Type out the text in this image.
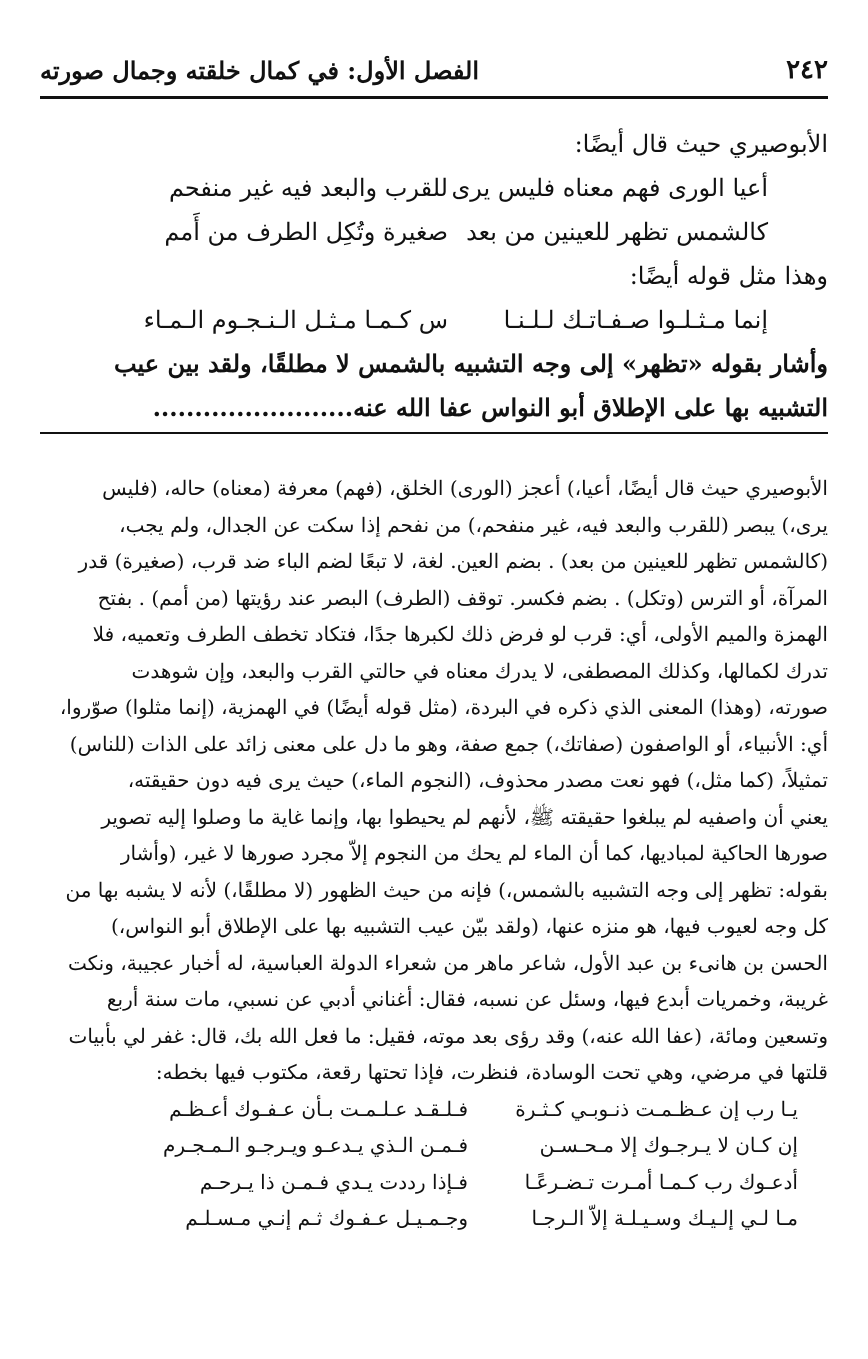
٢٤٢
الفصل الأول: في كمال خلقته وجمال صورته
الأبوصيري حيث قال أيضًا:
أعيا الورى فهم معناه فليس يرى
للقرب والبعد فيه غير منفحم
كالشمس تظهر للعينين من بعد
صغيرة وتُكِل الطرف من أَمم
وهذا مثل قوله أيضًا:
إنما مـثـلـوا صـفـاتـك لـلـنـا
س كـمـا مـثـل الـنـجـوم الـمـاء
وأشار بقوله «تظهر» إلى وجه التشبيه بالشمس لا مطلقًا، ولقد بين عيب
التشبيه بها على الإطلاق أبو النواس عفا الله عنه........................
الأبوصيري حيث قال أيضًا، أعيا،) أعجز (الورى) الخلق، (فهم) معرفة (معناه) حاله، (فليس
يرى،) يبصر (للقرب والبعد فيه، غير منفحم،) من نفحم إذا سكت عن الجدال، ولم يجب،
(كالشمس تظهر للعينين من بعد) . بضم العين. لغة، لا تبعًا لضم الباء ضد قرب، (صغيرة) قدر
المرآة، أو الترس (وتكل) . بضم فكسر. توقف (الطرف) البصر عند رؤيتها (من أمم) . بفتح
الهمزة والميم الأولى، أي: قرب لو فرض ذلك لكبرها جدًا، فتكاد تخطف الطرف وتعميه، فلا
تدرك لكمالها، وكذلك المصطفى، لا يدرك معناه في حالتي القرب والبعد، وإن شوهدت
صورته، (وهذا) المعنى الذي ذكره في البردة، (مثل قوله أيضًا) في الهمزية، (إنما مثلوا) صوّروا،
أي: الأنبياء، أو الواصفون (صفاتك،) جمع صفة، وهو ما دل على معنى زائد على الذات (للناس)
تمثيلاً، (كما مثل،) فهو نعت مصدر محذوف، (النجوم الماء،) حيث يرى فيه دون حقيقته،
يعني أن واصفيه لم يبلغوا حقيقته ﷺ، لأنهم لم يحيطوا بها، وإنما غاية ما وصلوا إليه تصوير
صورها الحاكية لمباديها، كما أن الماء لم يحك من النجوم إلاّ مجرد صورها لا غير، (وأشار
بقوله: تظهر إلى وجه التشبيه بالشمس،) فإنه من حيث الظهور (لا مطلقًا،) لأنه لا يشبه بها من
كل وجه لعيوب فيها، هو منزه عنها، (ولقد بيّن عيب التشبيه بها على الإطلاق أبو النواس،)
الحسن بن هانىء بن عبد الأول، شاعر ماهر من شعراء الدولة العباسية، له أخبار عجيبة، ونكت
غريبة، وخمريات أبدع فيها، وسئل عن نسبه، فقال: أغناني أدبي عن نسبي، مات سنة أربع
وتسعين ومائة، (عفا الله عنه،) وقد رؤى بعد موته، فقيل: ما فعل الله بك، قال: غفر لي بأبيات
قلتها في مرضي، وهي تحت الوسادة، فنظرت، فإذا تحتها رقعة، مكتوب فيها بخطه:
يـا رب إن عـظـمـت ذنـوبـي كـثـرة
فـلـقـد عـلـمـت بـأن عـفـوك أعـظـم
إن كـان لا يـرجـوك إلا مـحـسـن
فـمـن الـذي يـدعـو ويـرجـو الـمـجـرم
أدعـوك رب كـمـا أمـرت تـضـرعًـا
فـإذا رددت يـدي فـمـن ذا يـرحـم
مـا لـي إلـيـك وسـيـلـة إلاّ الـرجـا
وجـمـيـل عـفـوك ثـم إنـي مـسـلـم
